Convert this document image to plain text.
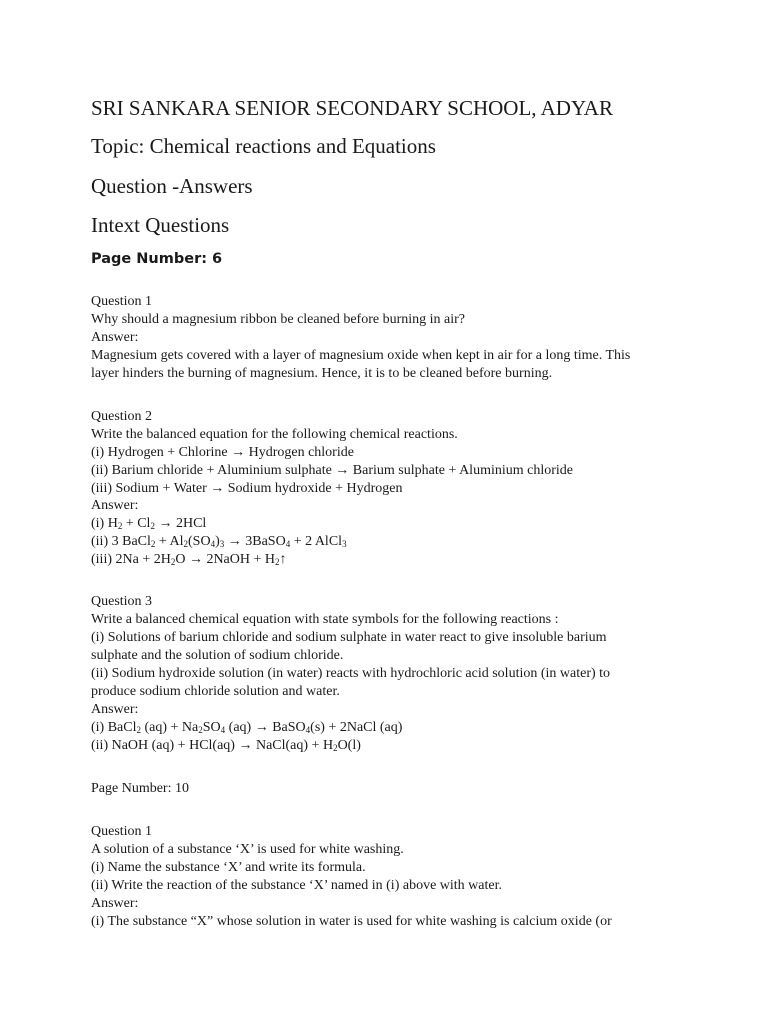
SRI SANKARA SENIOR SECONDARY SCHOOL, ADYAR
Topic: Chemical reactions and Equations
Question -Answers
Intext Questions
Page Number: 6
Question 1
Why should a magnesium ribbon be cleaned before burning in air?
Answer:
Magnesium gets covered with a layer of magnesium oxide when kept in air for a long time. This
layer hinders the burning of magnesium. Hence, it is to be cleaned before burning.
Question 2
Write the balanced equation for the following chemical reactions.
(i) Hydrogen + Chlorine → Hydrogen chloride
(ii) Barium chloride + Aluminium sulphate → Barium sulphate + Aluminium chloride
(iii) Sodium + Water → Sodium hydroxide + Hydrogen
Answer:
(i) $H_2 + Cl_2 \to 2HCl$
(ii) 3 BaCl$_2$ + $Al_2(SO_4)_3$ → 3BaSO$_4$ + 2 AlCl$_3$
(iii) $2Na + 2H_2O$ → 2NaOH + $H_2↑$
Question 3
Write a balanced chemical equation with state symbols for the following reactions :
(i) Solutions of barium chloride and sodium sulphate in water react to give insoluble barium
sulphate and the solution of sodium chloride.
(ii) Sodium hydroxide solution (in water) reacts with hydrochloric acid solution (in water) to
produce sodium chloride solution and water.
Answer:
(i) BaCl$_2$ $(aq) + Na_2SO_4$ (aq) → BaSO$_4$(s) + 2NaCl (aq)
(ii) NaOH (aq) + HCl(aq) → NaCl(aq) + $H_2O(l)$
Page Number: 10
Question 1
A solution of a substance ‘X’ is used for white washing.
(i) Name the substance ‘X’ and write its formula.
(ii) Write the reaction of the substance ‘X’ named in (i) above with water.
Answer:
(i) The substance “X” whose solution in water is used for white washing is calcium oxide (or
